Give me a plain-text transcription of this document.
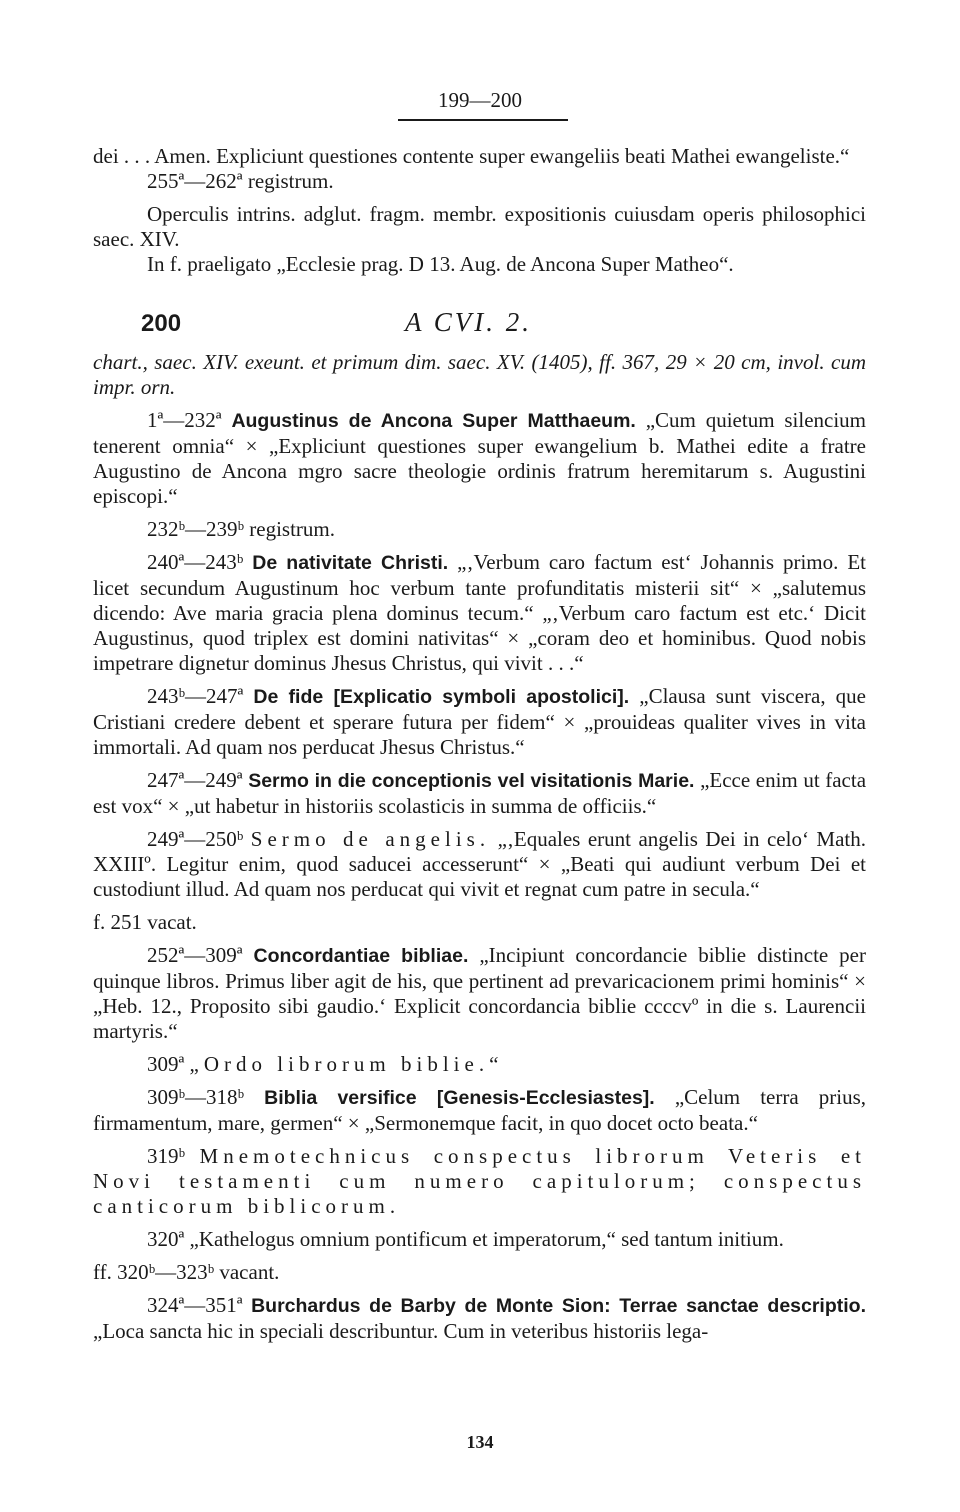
199—200

dei . . . Amen. Expliciunt questiones contente super ewangeliis beati Mathei ewangeliste.“

255ª—262ª registrum.

Operculis intrins. adglut. fragm. membr. expositionis cuiusdam operis philosophici saec. XIV.

In f. praeligato „Ecclesie prag. D 13. Aug. de Ancona Super Matheo“.

200	A CVI. 2.

chart., saec. XIV. exeunt. et primum dim. saec. XV. (1405), ff. 367, 29 × 20 cm, invol. cum impr. orn.

1ª—232ª Augustinus de Ancona Super Matthaeum. „Cum quietum silencium tenerent omnia“ × „Expliciunt questiones super ewangelium b. Mathei edite a fratre Augustino de Ancona mgro sacre theologie ordinis fratrum heremitarum s. Augustini episcopi.“

232ᵇ—239ᵇ registrum.

240ª—243ᵇ De nativitate Christi. „‚Verbum caro factum est‘ Johannis primo. Et licet secundum Augustinum hoc verbum tante profunditatis misterii sit“ × „salutemus dicendo: Ave maria gracia plena dominus tecum.“ „‚Verbum caro factum est etc.‘ Dicit Augustinus, quod triplex est domini nativitas“ × „coram deo et hominibus. Quod nobis impetrare dignetur dominus Jhesus Christus, qui vivit . . .“

243ᵇ—247ª De fide [Explicatio symboli apostolici]. „Clausa sunt viscera, que Cristiani credere debent et sperare futura per fidem“ × „prouideas qualiter vives in vita immortali. Ad quam nos perducat Jhesus Christus.“

247ª—249ª Sermo in die conceptionis vel visitationis Marie. „Ecce enim ut facta est vox“ × „ut habetur in historiis scolasticis in summa de officiis.“

249ª—250ᵇ Sermo de angelis. „‚Equales erunt angelis Dei in celo‘ Math. XXIIIº. Legitur enim, quod saducei accesserunt“ × „Beati qui audiunt verbum Dei et custodiunt illud. Ad quam nos perducat qui vivit et regnat cum patre in secula.“

f. 251 vacat.

252ª—309ª Concordantiae bibliae. „Incipiunt concordancie biblie distincte per quinque libros. Primus liber agit de his, que pertinent ad prevaricacionem primi hominis“ × „Heb. 12., Proposito sibi gaudio.‘ Explicit concordancia biblie ccccvº in die s. Laurencii martyris.“

309ª „Ordo librorum biblie.“

309ᵇ—318ᵇ Biblia versifice [Genesis-Ecclesiastes]. „Celum terra prius, firmamentum, mare, germen“ × „Sermonemque facit, in quo docet octo beata.“

319ᵇ Mnemotechnicus conspectus librorum Veteris et Novi testamenti cum numero capitulorum; conspectus canticorum biblicorum.

320ª „Kathelogus omnium pontificum et imperatorum,“ sed tantum initium.

ff. 320ᵇ—323ᵇ vacant.

324ª—351ª Burchardus de Barby de Monte Sion: Terrae sanctae descriptio. „Loca sancta hic in speciali describuntur. Cum in veteribus historiis lega-

134
